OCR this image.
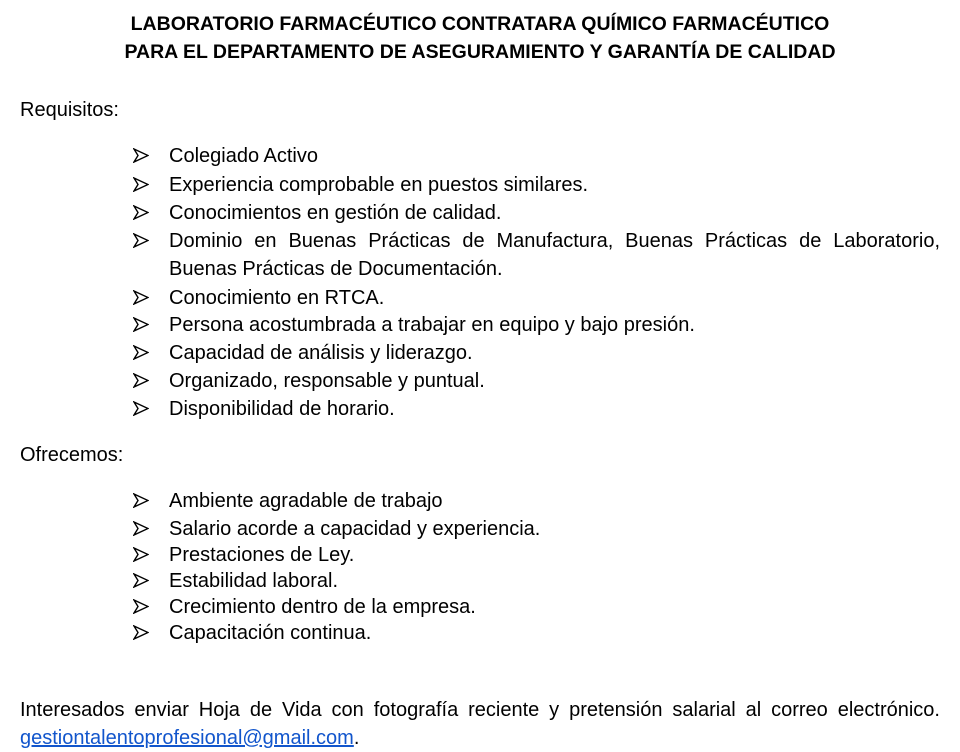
LABORATORIO FARMACÉUTICO CONTRATARA QUÍMICO FARMACÉUTICO
PARA EL DEPARTAMENTO DE ASEGURAMIENTO Y GARANTÍA DE CALIDAD
Requisitos:
Colegiado Activo
Experiencia comprobable en puestos similares.
Conocimientos en gestión de calidad.
Dominio en Buenas Prácticas de Manufactura, Buenas Prácticas de Laboratorio, Buenas Prácticas de Documentación.
Conocimiento en RTCA.
Persona acostumbrada a trabajar en equipo y bajo presión.
Capacidad de análisis y liderazgo.
Organizado, responsable y puntual.
Disponibilidad de horario.
Ofrecemos:
Ambiente agradable de trabajo
Salario acorde a capacidad y experiencia.
Prestaciones de Ley.
Estabilidad laboral.
Crecimiento dentro de la empresa.
Capacitación continua.

Interesados enviar Hoja de Vida con fotografía reciente y pretensión salarial al correo electrónico. gestiontalentoprofesional@gmail.com.
